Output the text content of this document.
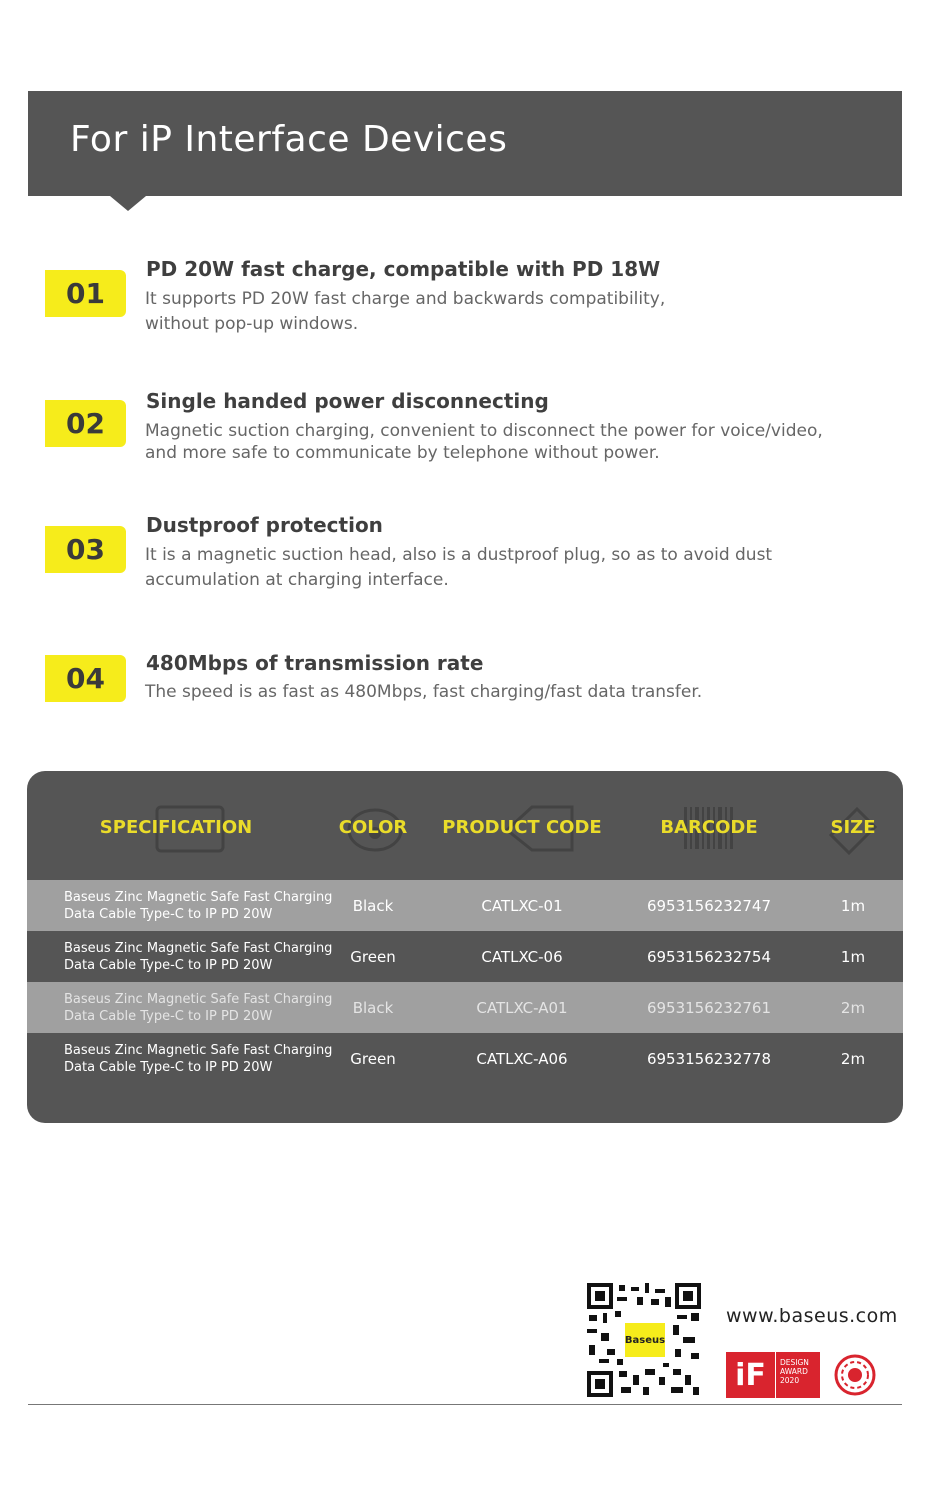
For iP Interface Devices
01
PD 20W fast charge, compatible with PD 18W
It supports PD 20W fast charge and backwards compatibility, without pop-up windows.
02
Single handed power disconnecting
Magnetic suction charging, convenient to disconnect the power for voice/video, and more safe to communicate by telephone without power.
03
Dustproof protection
It is a magnetic suction head, also is a dustproof plug, so as to avoid dust accumulation at charging interface.
04	480Mbps of transmission rate
The speed is as fast as 480Mbps, fast charging/fast data transfer.
SPECIFICATION	COLOR	PRODUCT CODE	BARCODE	SIZE
Baseus Zinc Magnetic Safe Fast Charging Data Cable Type-C to IP PD 20W	Black	CATLXC-01	6953156232747	1m
Baseus Zinc Magnetic Safe Fast Charging Data Cable Type-C to IP PD 20W	Green	CATLXC-06	6953156232754	1m
Baseus Zinc Magnetic Safe Fast Charging Data Cable Type-C to IP PD 20W	Black	CATLXC-A01	6953156232761	2m
Baseus Zinc Magnetic Safe Fast Charging Data Cable Type-C to IP PD 20W	Green	CATLXC-A06	6953156232778	2m
Baseus
www.baseus.com
iF	DESIGN
AWARD
2020
